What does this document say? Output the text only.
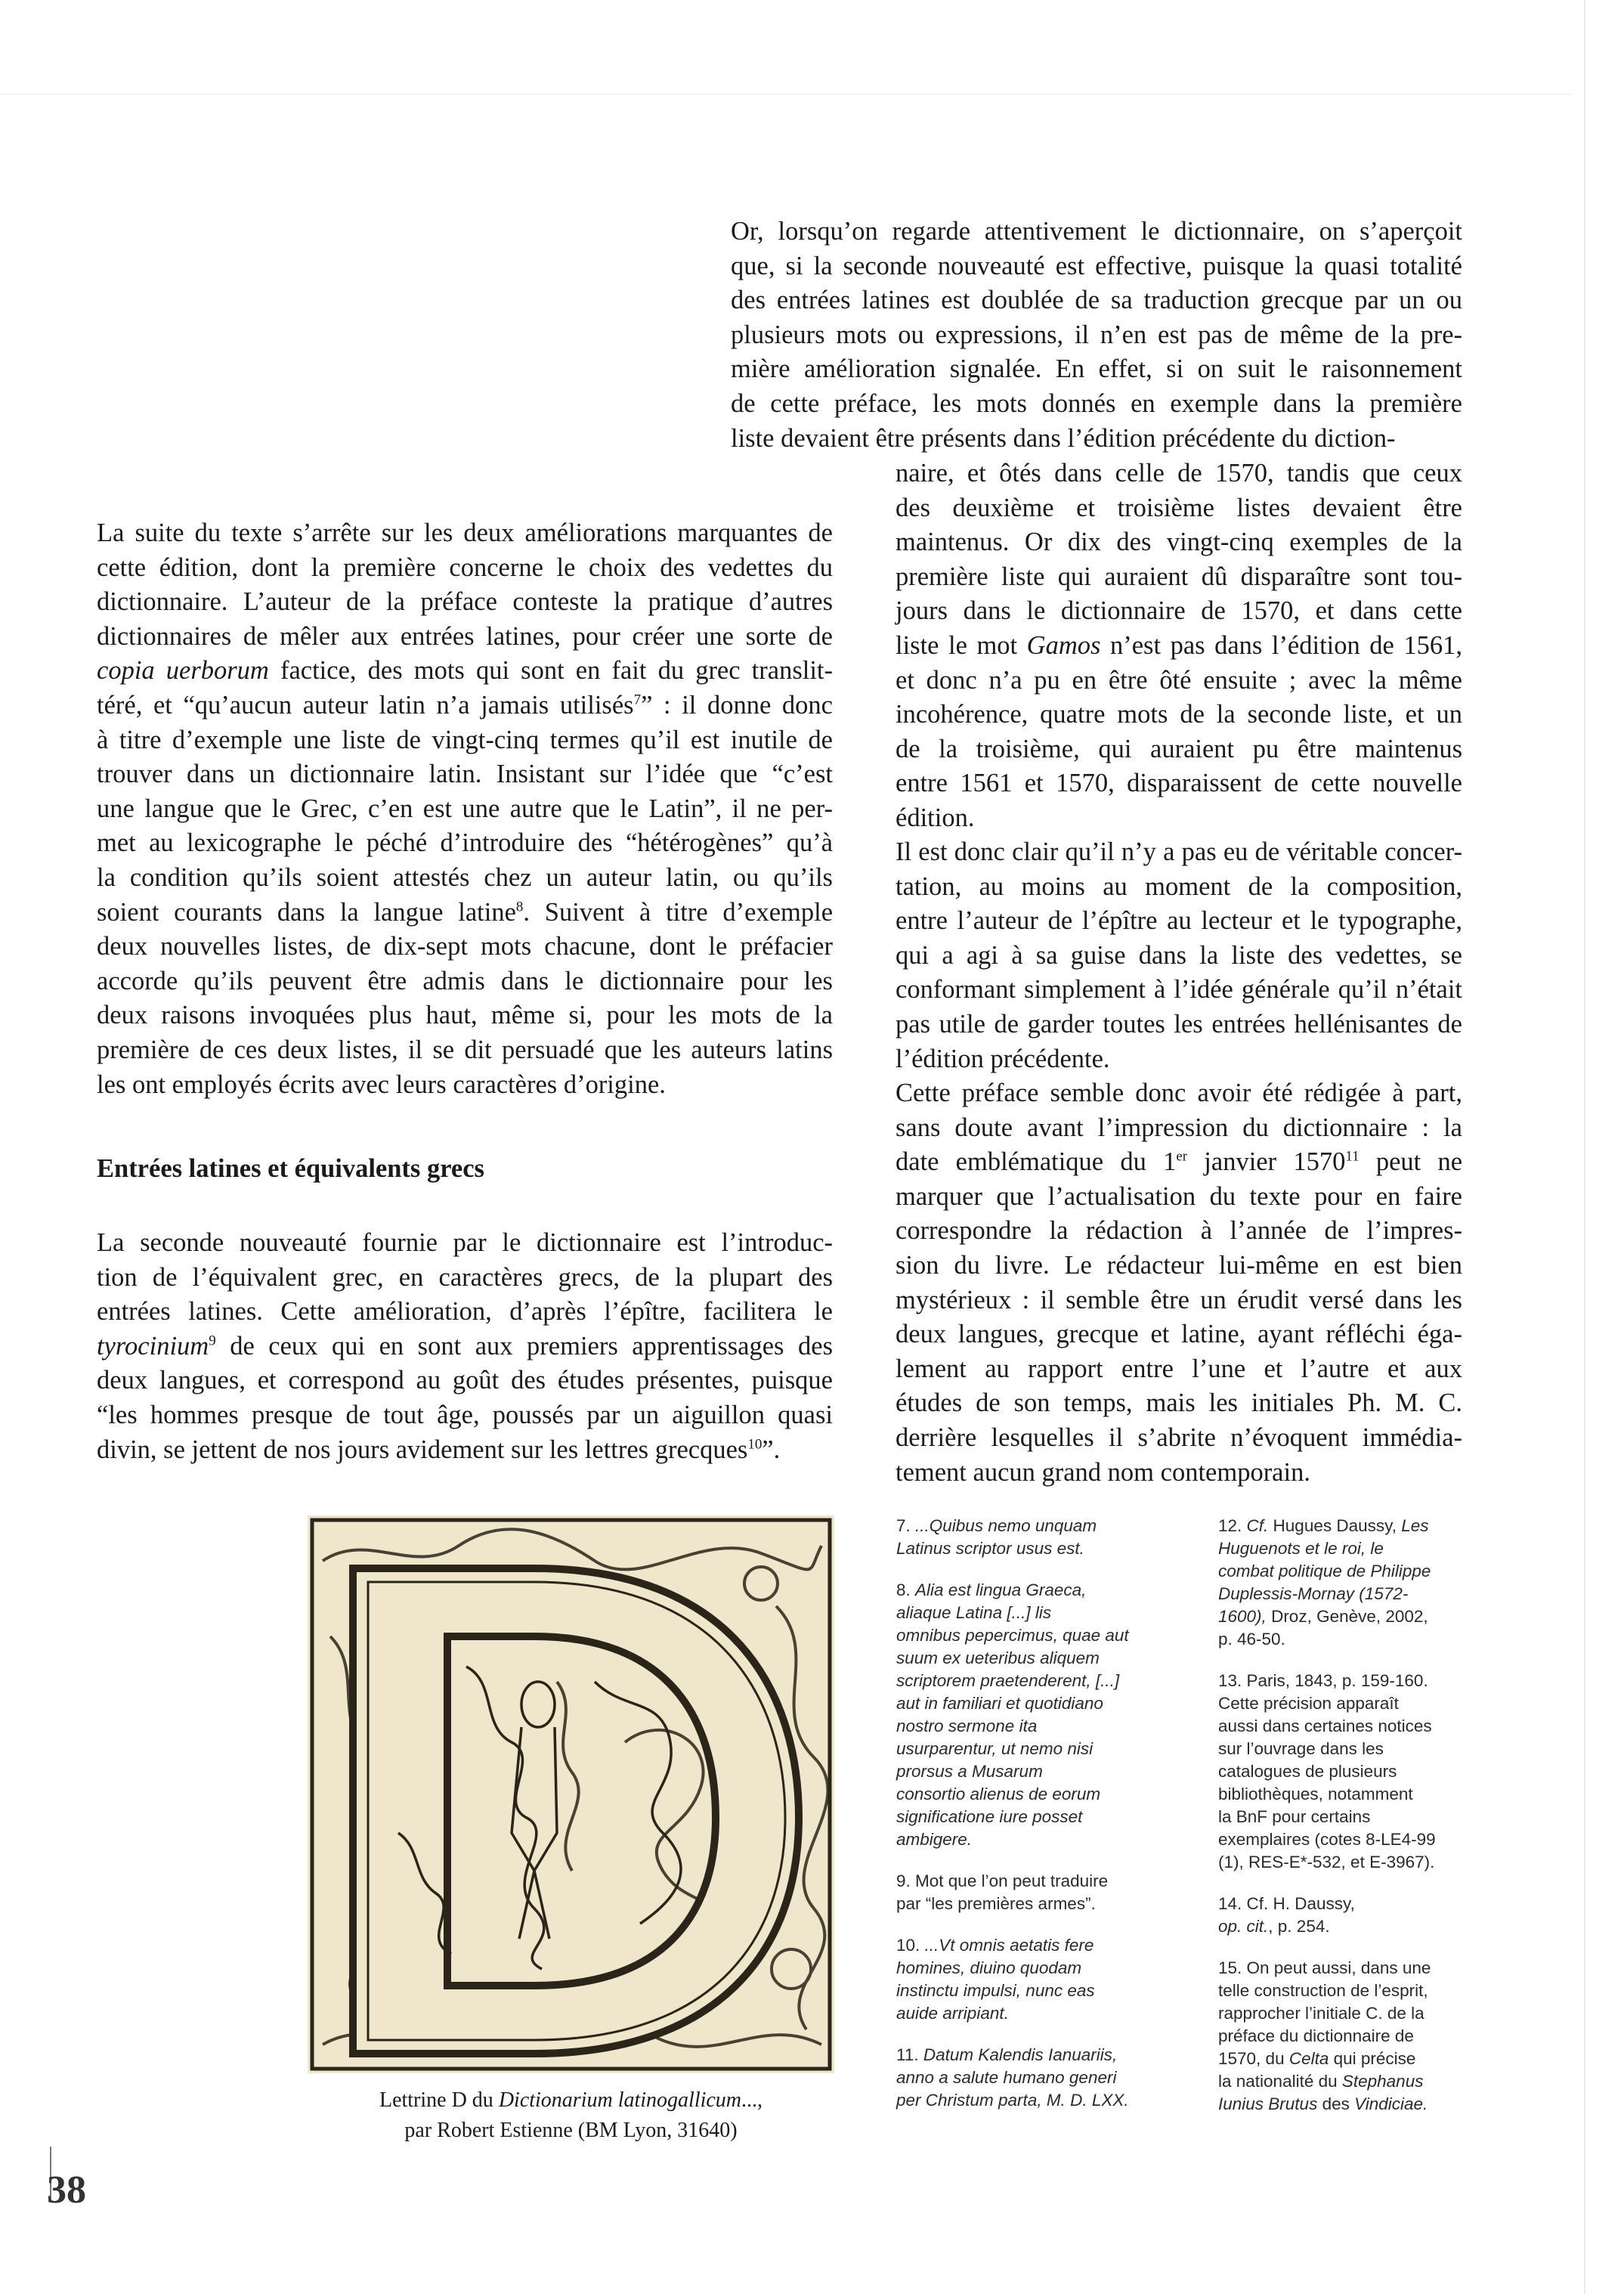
Or, lorsqu’on regarde attentivement le dictionnaire, on s’aperçoit
que, si la seconde nouveauté est effective, puisque la quasi totalité
des entrées latines est doublée de sa traduction grecque par un ou
plusieurs mots ou expressions, il n’en est pas de même de la pre-
mière amélioration signalée. En effet, si on suit le raisonnement
de cette préface, les mots donnés en exemple dans la première
liste devaient être présents dans l’édition précédente du diction-
naire, et ôtés dans celle de 1570, tandis que ceux
des deuxième et troisième listes devaient être
maintenus. Or dix des vingt-cinq exemples de la
première liste qui auraient dû disparaître sont tou-
jours dans le dictionnaire de 1570, et dans cette
liste le mot Gamos n’est pas dans l’édition de 1561,
et donc n’a pu en être ôté ensuite ; avec la même
incohérence, quatre mots de la seconde liste, et un
de la troisième, qui auraient pu être maintenus
entre 1561 et 1570, disparaissent de cette nouvelle
édition.
Il est donc clair qu’il n’y a pas eu de véritable concer-
tation, au moins au moment de la composition,
entre l’auteur de l’épître au lecteur et le typographe,
qui a agi à sa guise dans la liste des vedettes, se
conformant simplement à l’idée générale qu’il n’était
pas utile de garder toutes les entrées hellénisantes de
l’édition précédente.
Cette préface semble donc avoir été rédigée à part,
sans doute avant l’impression du dictionnaire : la
date emblématique du 1er janvier 1570$^{11}$ peut ne
marquer que l’actualisation du texte pour en faire
correspondre la rédaction à l’année de l’impres-
sion du livre. Le rédacteur lui-même en est bien
mystérieux : il semble être un érudit versé dans les
deux langues, grecque et latine, ayant réfléchi éga-
lement au rapport entre l’une et l’autre et aux
études de son temps, mais les initiales Ph. M. C.
derrière lesquelles il s’abrite n’évoquent immédia-
tement aucun grand nom contemporain.
La suite du texte s’arrête sur les deux améliorations marquantes de
cette édition, dont la première concerne le choix des vedettes du
dictionnaire. L’auteur de la préface conteste la pratique d’autres
dictionnaires de mêler aux entrées latines, pour créer une sorte de
copia uerborum factice, des mots qui sont en fait du grec translit-
téré, et “qu’aucun auteur latin n’a jamais utilisés$^7$” : il donne donc
à titre d’exemple une liste de vingt-cinq termes qu’il est inutile de
trouver dans un dictionnaire latin. Insistant sur l’idée que “c’est
une langue que le Grec, c’en est une autre que le Latin”, il ne per-
met au lexicographe le péché d’introduire des “hétérogènes” qu’à
la condition qu’ils soient attestés chez un auteur latin, ou qu’ils
soient courants dans la langue latine$^8$. Suivent à titre d’exemple
deux nouvelles listes, de dix-sept mots chacune, dont le préfacier
accorde qu’ils peuvent être admis dans le dictionnaire pour les
deux raisons invoquées plus haut, même si, pour les mots de la
première de ces deux listes, il se dit persuadé que les auteurs latins
les ont employés écrits avec leurs caractères d’origine.

Entrées latines et équivalents grecs

La seconde nouveauté fournie par le dictionnaire est l’introduc-
tion de l’équivalent grec, en caractères grecs, de la plupart des
entrées latines. Cette amélioration, d’après l’épître, facilitera le
tyrocinium$^9$ de ceux qui en sont aux premiers apprentissages des
deux langues, et correspond au goût des études présentes, puisque
“les hommes presque de tout âge, poussés par un aiguillon quasi
divin, se jettent de nos jours avidement sur les lettres grecques$^{10}$”.

Lettrine D du Dictionarium latinogallicum...,
par Robert Estienne (BM Lyon, 31640)

7. ...Quibus nemo unquam
Latinus scriptor usus est.

8. Alia est lingua Graeca,
aliaque Latina [...] lis
omnibus pepercimus, quae aut
suum ex ueteribus aliquem
scriptorem praetenderent, [...]
aut in familiari et quotidiano
nostro sermone ita
usurparentur, ut nemo nisi
prorsus a Musarum
consortio alienus de eorum
significatione iure posset
ambigere.

9. Mot que l’on peut traduire
par “les premières armes”.

10. ...Vt omnis aetatis fere
homines, diuino quodam
instinctu impulsi, nunc eas
auide arripiant.

11. Datum Kalendis Ianuariis,
anno a salute humano generi
per Christum parta, M. D. LXX.

12. Cf. Hugues Daussy, Les
Huguenots et le roi, le
combat politique de Philippe
Duplessis-Mornay (1572-
1600), Droz, Genève, 2002,
p. 46-50.

13. Paris, 1843, p. 159-160.
Cette précision apparaît
aussi dans certaines notices
sur l’ouvrage dans les
catalogues de plusieurs
bibliothèques, notamment
la BnF pour certains
exemplaires (cotes 8-LE4-99
(1), RES-E*-532, et E-3967).

14. Cf. H. Daussy,
op. cit., p. 254.

15. On peut aussi, dans une
telle construction de l’esprit,
rapprocher l’initiale C. de la
préface du dictionnaire de
1570, du Celta qui précise
la nationalité du Stephanus
Iunius Brutus des Vindiciae.

38
